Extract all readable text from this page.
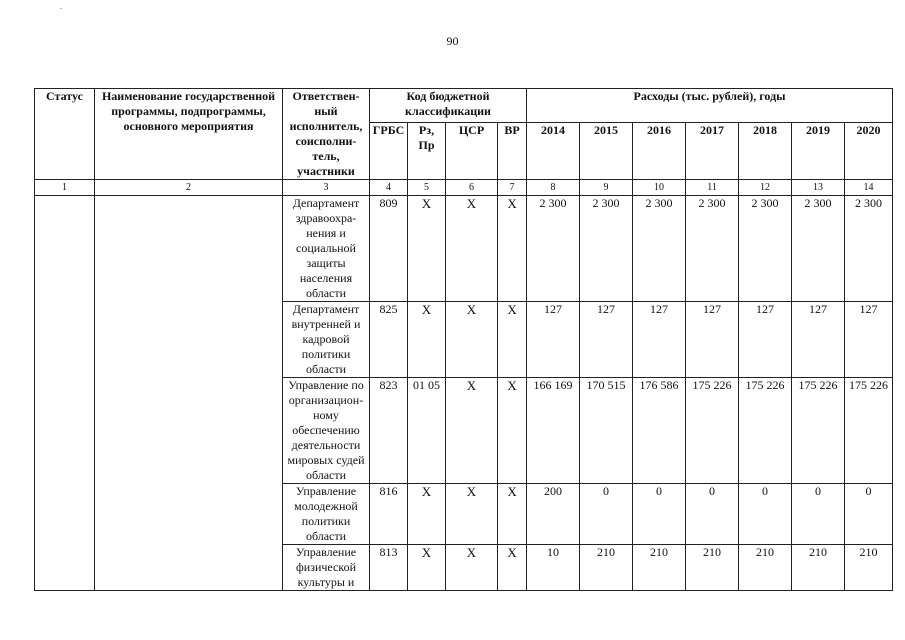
90
Статус	Наименование государственной программы, подпрограммы, основного мероприятия	Ответствен-ный исполнитель, соисполни-тель, участники	Код бюджетной классификации				Расходы (тыс. рублей), годы						
			ГРБС	Рз, Пр	ЦСР	ВР	2014	2015	2016	2017	2018	2019	2020
1	2	3	4	5	6	7	8	9	10	11	12	13	14
		Департамент здравоохра-нения и социальной защиты населения области	809	Х	Х	Х	2 300	2 300	2 300	2 300	2 300	2 300	2 300
		Департамент внутренней и кадровой политики области	825	Х	Х	Х	127	127	127	127	127	127	127
		Управление по организацион-ному обеспечению деятельности мировых судей области	823	01 05	Х	Х	166 169	170 515	176 586	175 226	175 226	175 226	175 226
		Управление молодежной политики области	816	Х	Х	Х	200	0	0	0	0	0	0
		Управление физической культуры и	813	Х	Х	Х	10	210	210	210	210	210	210
